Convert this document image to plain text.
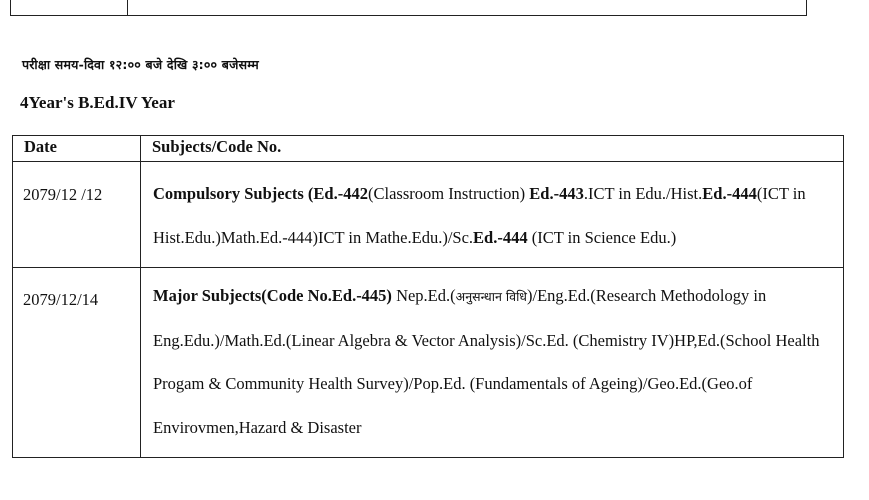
परीक्षा समय-दिवा १२:०० बजे देखि ३:०० बजेसम्म
4Year's B.Ed.IV Year
Date	Subjects/Code No.
2079/12 /12	Compulsory Subjects (Ed.-442(Classroom Instruction) Ed.-443.ICT in Edu./Hist.Ed.-444(ICT in Hist.Edu.)Math.Ed.-444)ICT in Mathe.Edu.)/Sc.Ed.-444 (ICT in Science Edu.)
2079/12/14	Major Subjects(Code No.Ed.-445) Nep.Ed.(अनुसन्धान विधि)/Eng.Ed.(Research Methodology in Eng.Edu.)/Math.Ed.(Linear Algebra & Vector Analysis)/Sc.Ed. (Chemistry IV)HP,Ed.(School Health Progam & Community Health Survey)/Pop.Ed. (Fundamentals of Ageing)/Geo.Ed.(Geo.of Envirovmen,Hazard & Disaster
